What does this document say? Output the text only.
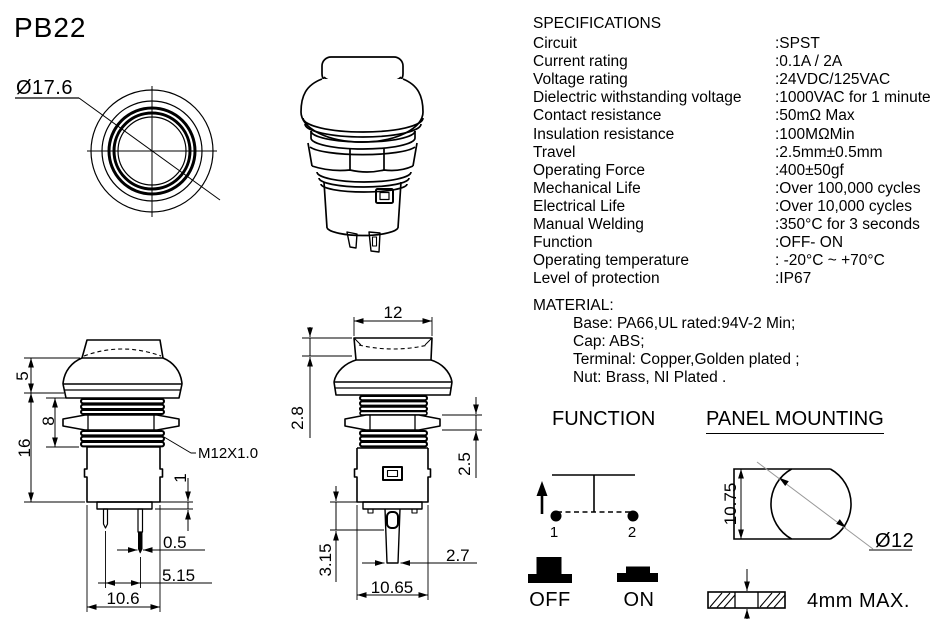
PB22	SPECIFICATIONS
Circuit	:SPST
Current rating	:0.1A / 2A
Voltage rating	:24VDC/125VAC
Dielectric withstanding voltage	:1000VAC for 1 minute
Contact resistance	:50mΩ Max
Insulation resistance	:100MΩMin
Travel	:2.5mm±0.5mm
Operating Force	:400±50gf
Mechanical Life	:Over 100,000 cycles
Electrical Life	:Over 10,000 cycles
Manual Welding	:350°C for 3 seconds
Function	:OFF- ON
Operating temperature	: -20°C ~ +70°C
Level of protection	:IP67
MATERIAL:
Base: PA66,UL rated:94V-2 Min;
Cap: ABS;
Terminal: Copper,Golden plated ;
Nut: Brass, NI Plated .
FUNCTION	PANEL MOUNTING
Ø17.6
5
8
16
1
0.5
5.15
10.6
M12X1.0
12
2.8
2.5
3.15	2.7
10.65
1	2
OFF	ON
10.75
Ø12
4mm MAX.
